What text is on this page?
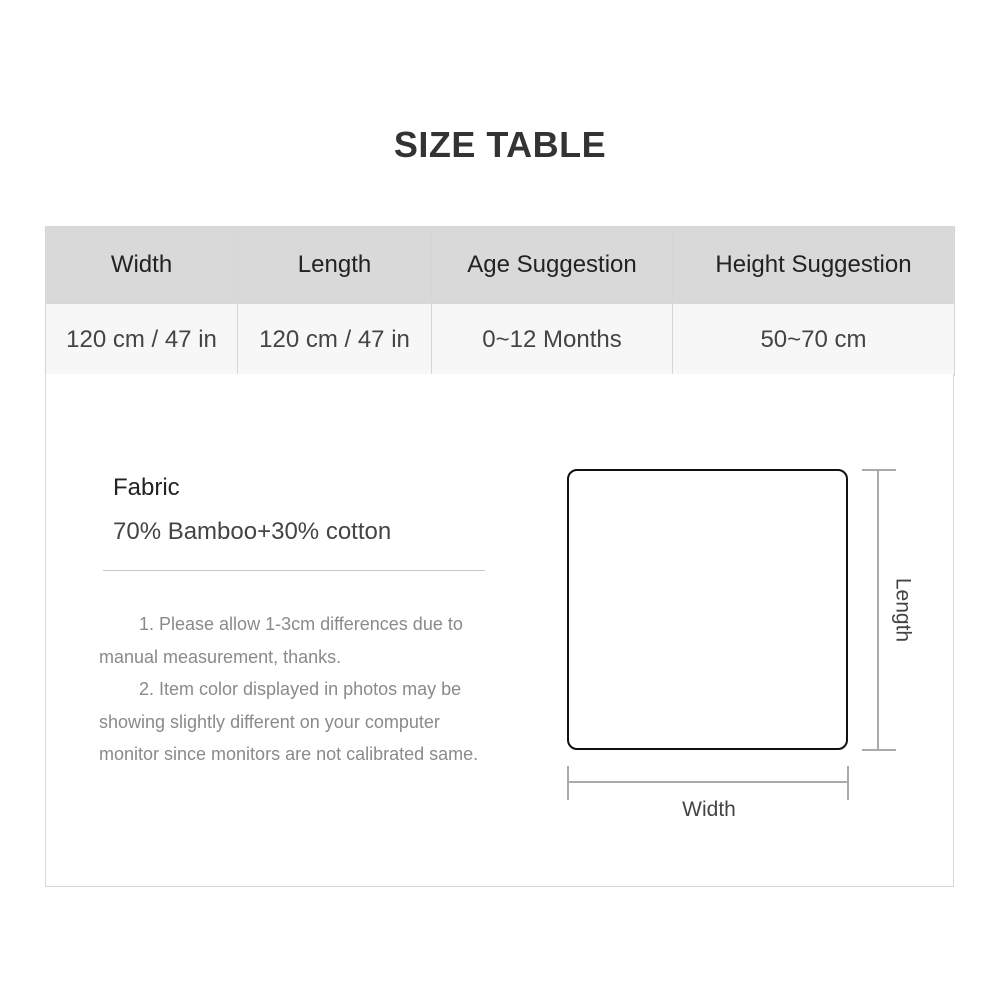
SIZE TABLE
Width	Length	Age Suggestion	Height Suggestion
120 cm / 47 in	120 cm / 47 in	0~12 Months	50~70 cm
Fabric
70% Bamboo+30% cotton

1. Please allow 1-3cm differences due to manual measurement, thanks.

2. Item color displayed in photos may be showing slightly different on your computer monitor since monitors are not calibrated same.

Length
Width
